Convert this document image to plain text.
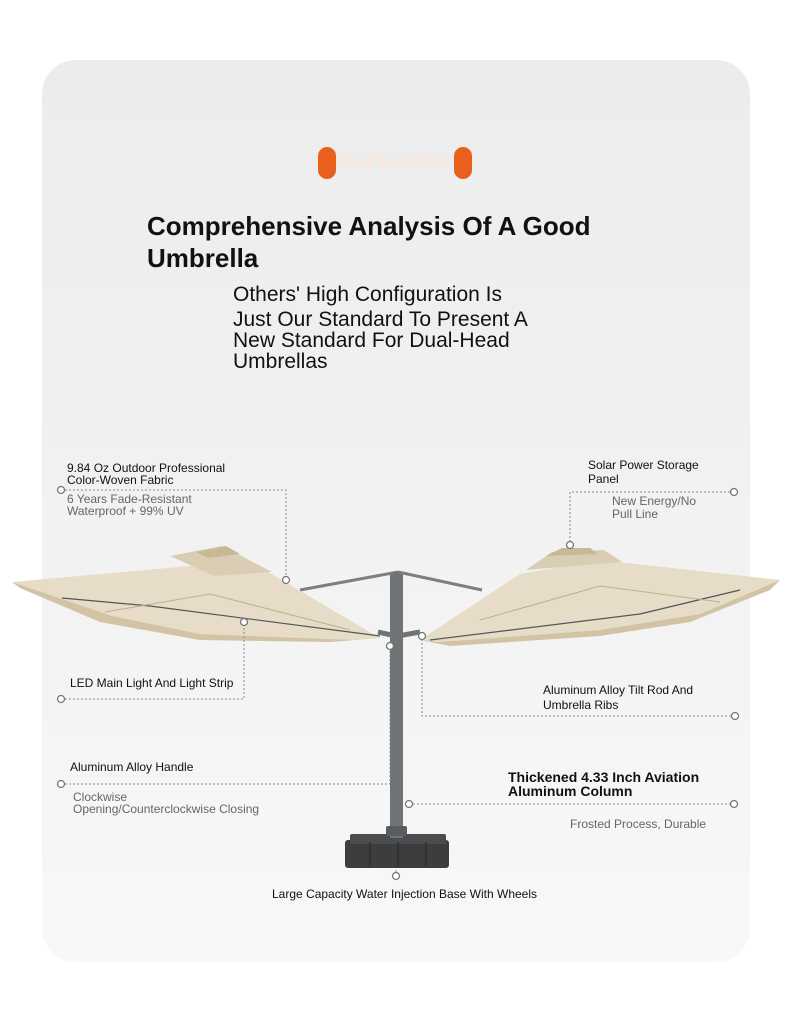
Go! Explore
Comprehensive Analysis Of A Good Umbrella
Others' High Configuration Is
Just Our Standard To Present A
New Standard For Dual-Head
Umbrellas
9.84 Oz Outdoor Professional
Color-Woven Fabric
6 Years Fade-Resistant
Waterproof + 99% UV
Solar Power Storage
Panel
New Energy/No
Pull Line
LED Main Light And Light Strip	Aluminum Alloy Tilt Rod And
Umbrella Ribs
Aluminum Alloy Handle
Clockwise
Opening/Counterclockwise Closing
Thickened 4.33 Inch Aviation
Aluminum Column
Frosted Process, Durable
Large Capacity Water Injection Base With Wheels
